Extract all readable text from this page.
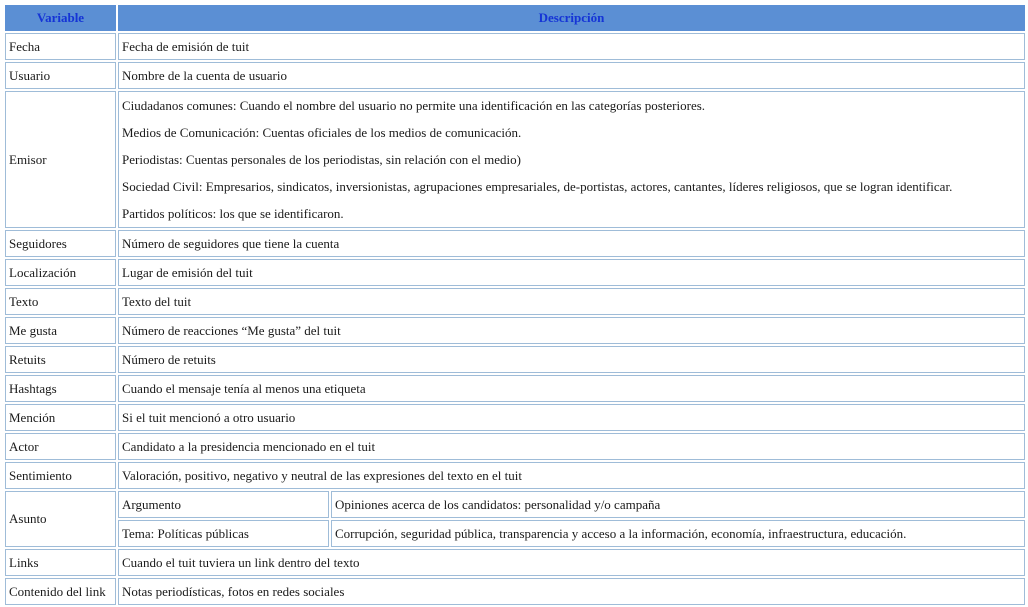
Variable	Descripción	
Fecha	Fecha de emisión de tuit	
Usuario	Nombre de la cuenta de usuario	
Emisor	Ciudadanos comunes: Cuando el nombre del usuario no permite una identificación en las categorías posteriores.
Medios de Comunicación: Cuentas oficiales de los medios de comunicación.
Periodistas: Cuentas personales de los periodistas, sin relación con el medio)
Sociedad Civil: Empresarios, sindicatos, inversionistas, agrupaciones empresariales, de-portistas, actores, cantantes, líderes religiosos, que se logran identificar.
Partidos políticos: los que se identificaron.	

Seguidores	Número de seguidores que tiene la cuenta	
Localización	Lugar de emisión del tuit	
Texto	Texto del tuit	
Me gusta	Número de reacciones “Me gusta” del tuit	
Retuits	Número de retuits	
Hashtags	Cuando el mensaje tenía al menos una etiqueta	
Mención	Si el tuit mencionó a otro usuario	
Actor	Candidato a la presidencia mencionado en el tuit	
Sentimiento	Valoración, positivo, negativo y neutral de las expresiones del texto en el tuit	
Asunto	Argumento	Opiniones acerca de los candidatos: personalidad y/o campaña
	Tema: Políticas públicas	Corrupción, seguridad pública, transparencia y acceso a la información, economía, infraestructura, educación.
Links	Cuando el tuit tuviera un link dentro del texto	
Contenido del link	Notas periodísticas, fotos en redes sociales	
